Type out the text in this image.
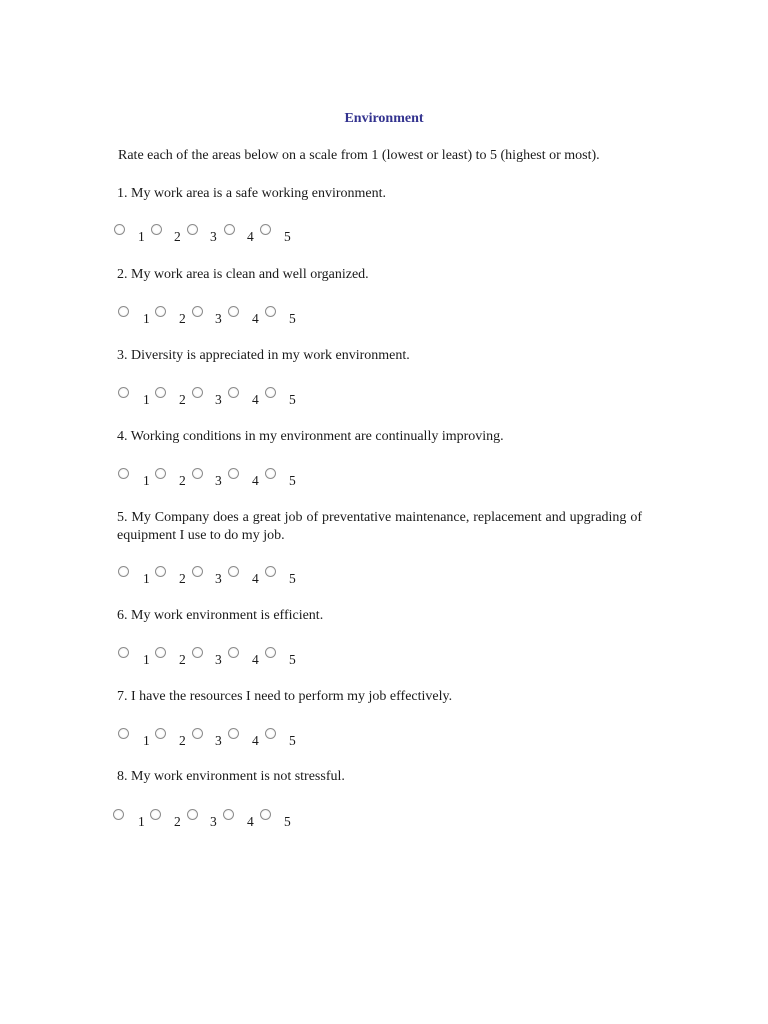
Environment
Rate each of the areas below on a scale from 1 (lowest or least) to 5 (highest or most).
1. My work area is a safe working environment.
1 2 3 4 5
2. My work area is clean and well organized.
1 2 3 4 5
3. Diversity is appreciated in my work environment.
1 2 3 4 5
4. Working conditions in my environment are continually improving.
1 2 3 4 5
5. My Company does a great job of preventative maintenance, replacement and upgrading of equipment I use to do my job.
1 2 3 4 5
6. My work environment is efficient.
1 2 3 4 5
7. I have the resources I need to perform my job effectively.
1 2 3 4 5
8. My work environment is not stressful.
1 2 3 4 5
